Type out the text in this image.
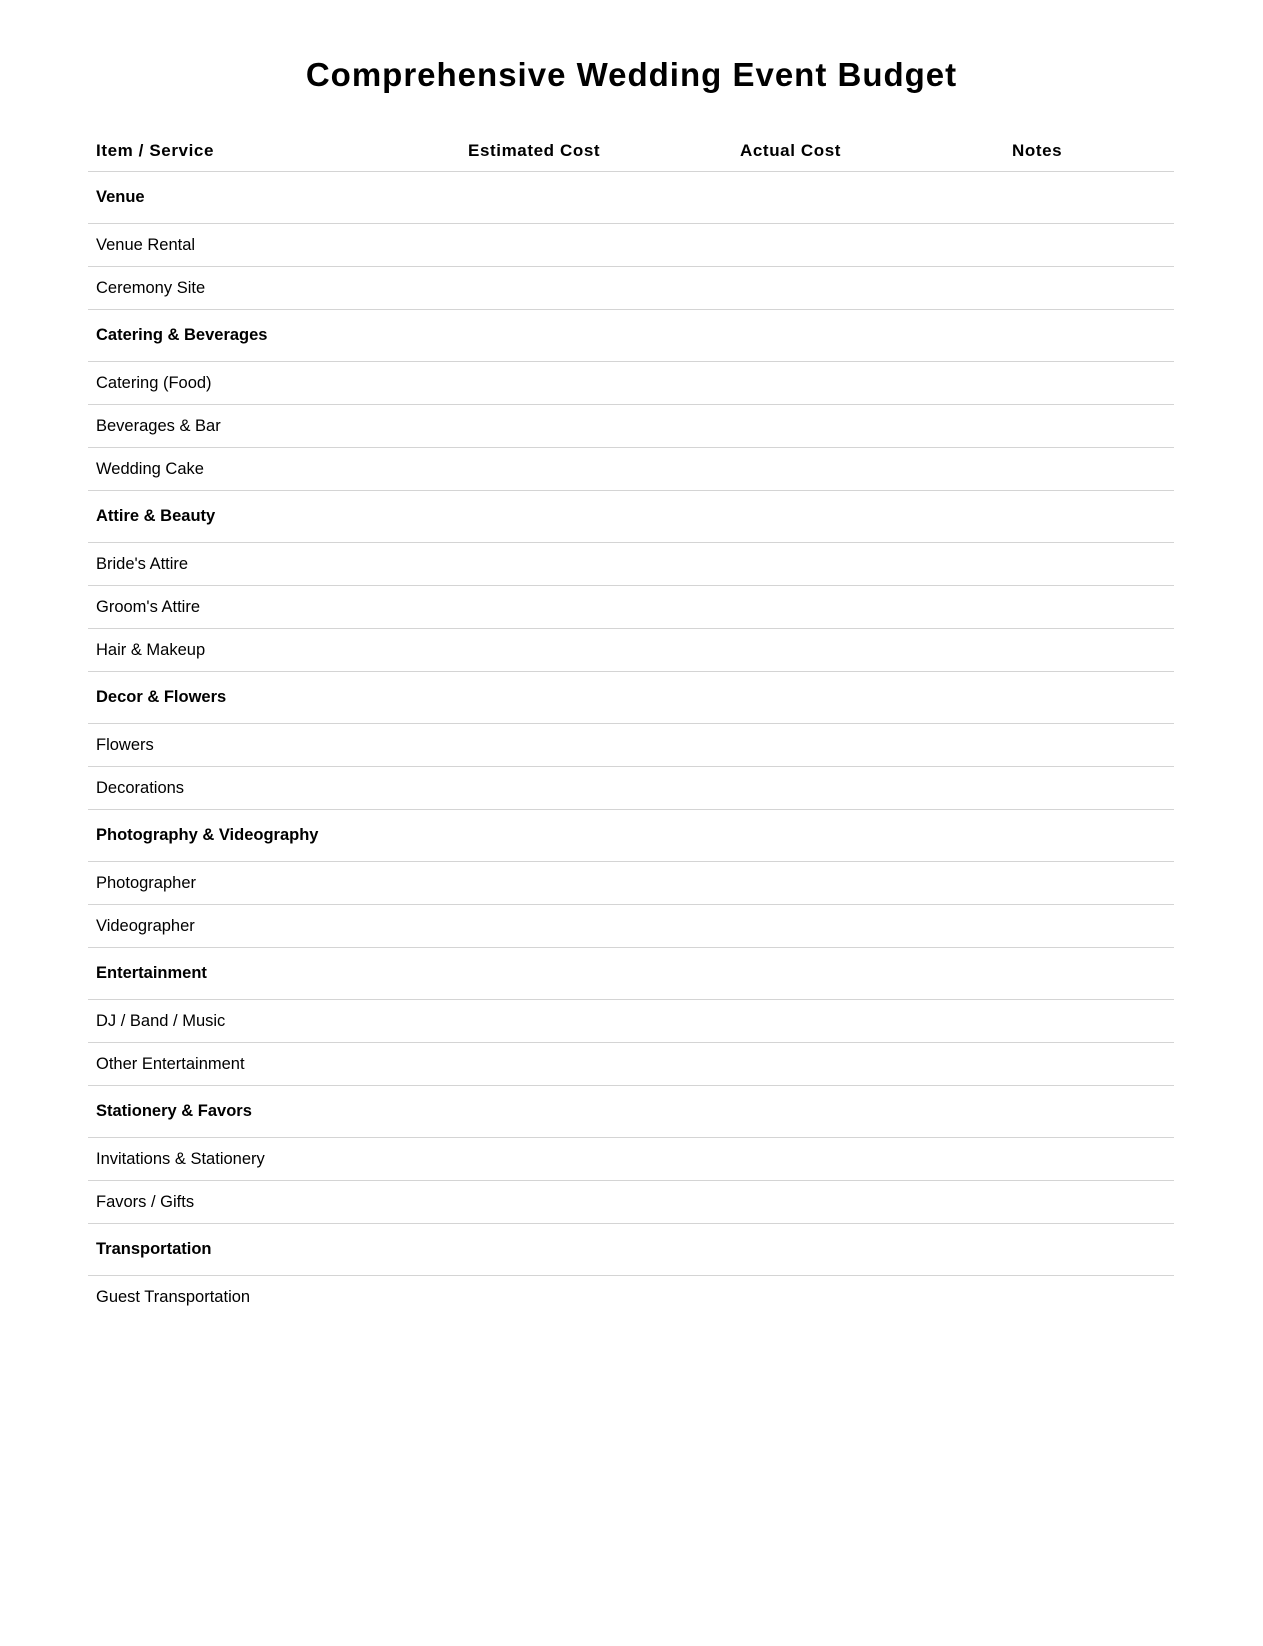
Comprehensive Wedding Event Budget
Item / Service	Estimated Cost	Actual Cost	Notes
Venue
Venue Rental
Ceremony Site
Catering & Beverages
Catering (Food)
Beverages & Bar
Wedding Cake
Attire & Beauty
Bride's Attire
Groom's Attire
Hair & Makeup
Decor & Flowers
Flowers
Decorations
Photography & Videography
Photographer
Videographer
Entertainment
DJ / Band / Music
Other Entertainment
Stationery & Favors
Invitations & Stationery
Favors / Gifts
Transportation
Guest Transportation
